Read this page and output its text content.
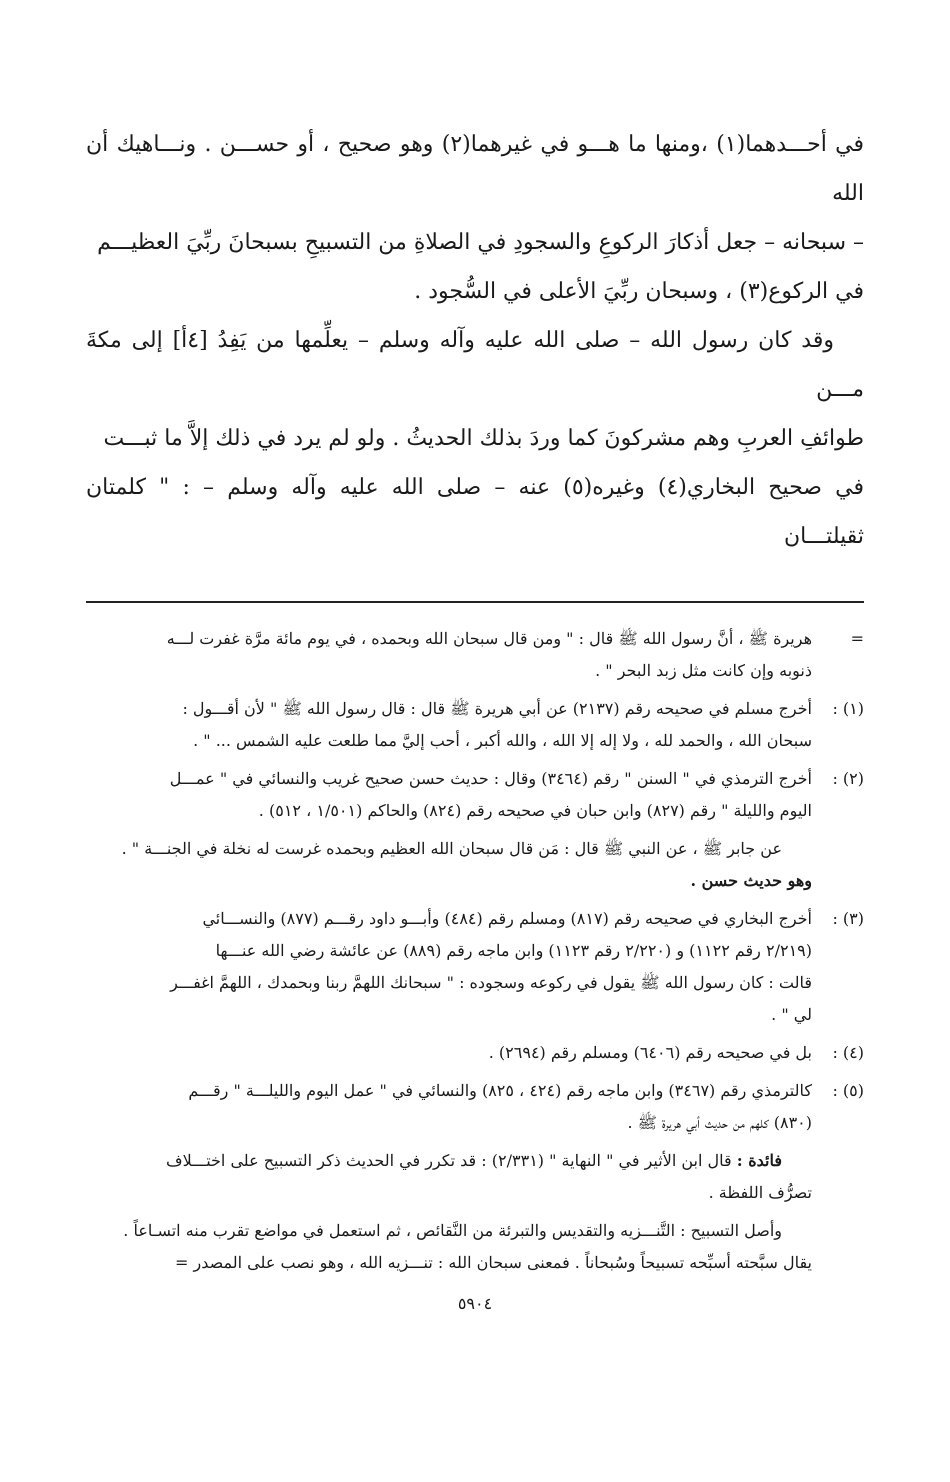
في أحـــدهما(١) ،ومنها ما هـــو في غيرهما(٢) وهو صحيح ، أو حســـن . ونـــاهيك أن الله

– سبحانه – جعل أذكارَ الركوعِ والسجودِ في الصلاةِ من التسبيحِ بسبحانَ ربِّيَ العظيـــم

في الركوع(٣) ، وسبحان ربِّيَ الأعلى في السُّجود .

وقد كان رسول الله – صلى الله عليه وآله وسلم – يعلِّمها من يَفِدُ [٤أ] إلى مكةَ مـــن

طوائفِ العربِ وهم مشركونَ كما وردَ بذلك الحديثُ . ولو لم يرد في ذلك إلاَّ ما ثبـــت

في صحيح البخاري(٤) وغيره(٥) عنه – صلى الله عليه وآله وسلم – : " كلمتان ثقيلتـــان

=

هريرة ﷺ ، أنَّ رسول الله ﷺ قال : " ومن قال سبحان الله وبحمده ، في يوم مائة مرَّة غفرت لـــه

ذنوبه وإن كانت مثل زبد البحر " .

(١) :

أخرج مسلم في صحيحه رقم (٢١٣٧) عن أبي هريرة ﷺ قال : قال رسول الله ﷺ " لأن أقـــول :

سبحان الله ، والحمد لله ، ولا إله إلا الله ، والله أكبر ، أحب إليَّ مما طلعت عليه الشمس ... " .

(٢) :

أخرج الترمذي في " السنن " رقم (٣٤٦٤) وقال : حديث حسن صحيح غريب والنسائي في " عمـــل

اليوم والليلة " رقم (٨٢٧) وابن حبان في صحيحه رقم (٨٢٤) والحاكم (١/٥٠١ ، ٥١٢) .

عن جابر ﷺ ، عن النبي ﷺ قال : مَن قال سبحان الله العظيم وبحمده غرست له نخلة في الجنـــة " .

وهو حديث حسن .

(٣) :

أخرج البخاري في صحيحه رقم (٨١٧) ومسلم رقم (٤٨٤) وأبـــو داود رقـــم (٨٧٧) والنســـائي

(٢/٢١٩ رقم ١١٢٢) و (٢/٢٢٠ رقم ١١٢٣) وابن ماجه رقم (٨٨٩) عن عائشة رضي الله عنـــها

قالت : كان رسول الله ﷺ يقول في ركوعه وسجوده : " سبحانك اللهمَّ ربنا وبحمدك ، اللهمَّ اغفـــر

لي " .

(٤) :

بل في صحيحه رقم (٦٤٠٦) ومسلم رقم (٢٦٩٤) .

(٥) :

كالترمذي رقم (٣٤٦٧) وابن ماجه رقم (٤٢٤ ، ٨٢٥) والنسائي في " عمل اليوم والليلـــة " رقـــم

(٨٣٠) كلهم من حديث أبي هريرة ﷺ .

فائدة : قال ابن الأثير في " النهاية " (٢/٣٣١) : قد تكرر في الحديث ذكر التسبيح على اختـــلاف

تصرُّف اللفظة .

وأصل التسبيح : التَّنـــزيه والتقديس والتبرئة من النَّقائص ، ثم استعمل في مواضع تقرب منه اتسـاعاً .

يقال سبَّحته أسبِّحه تسبيحاً وسُبحاناً . فمعنى سبحان الله : تنـــزيه الله ، وهو نصب على المصدر =

٥٩٠٤
